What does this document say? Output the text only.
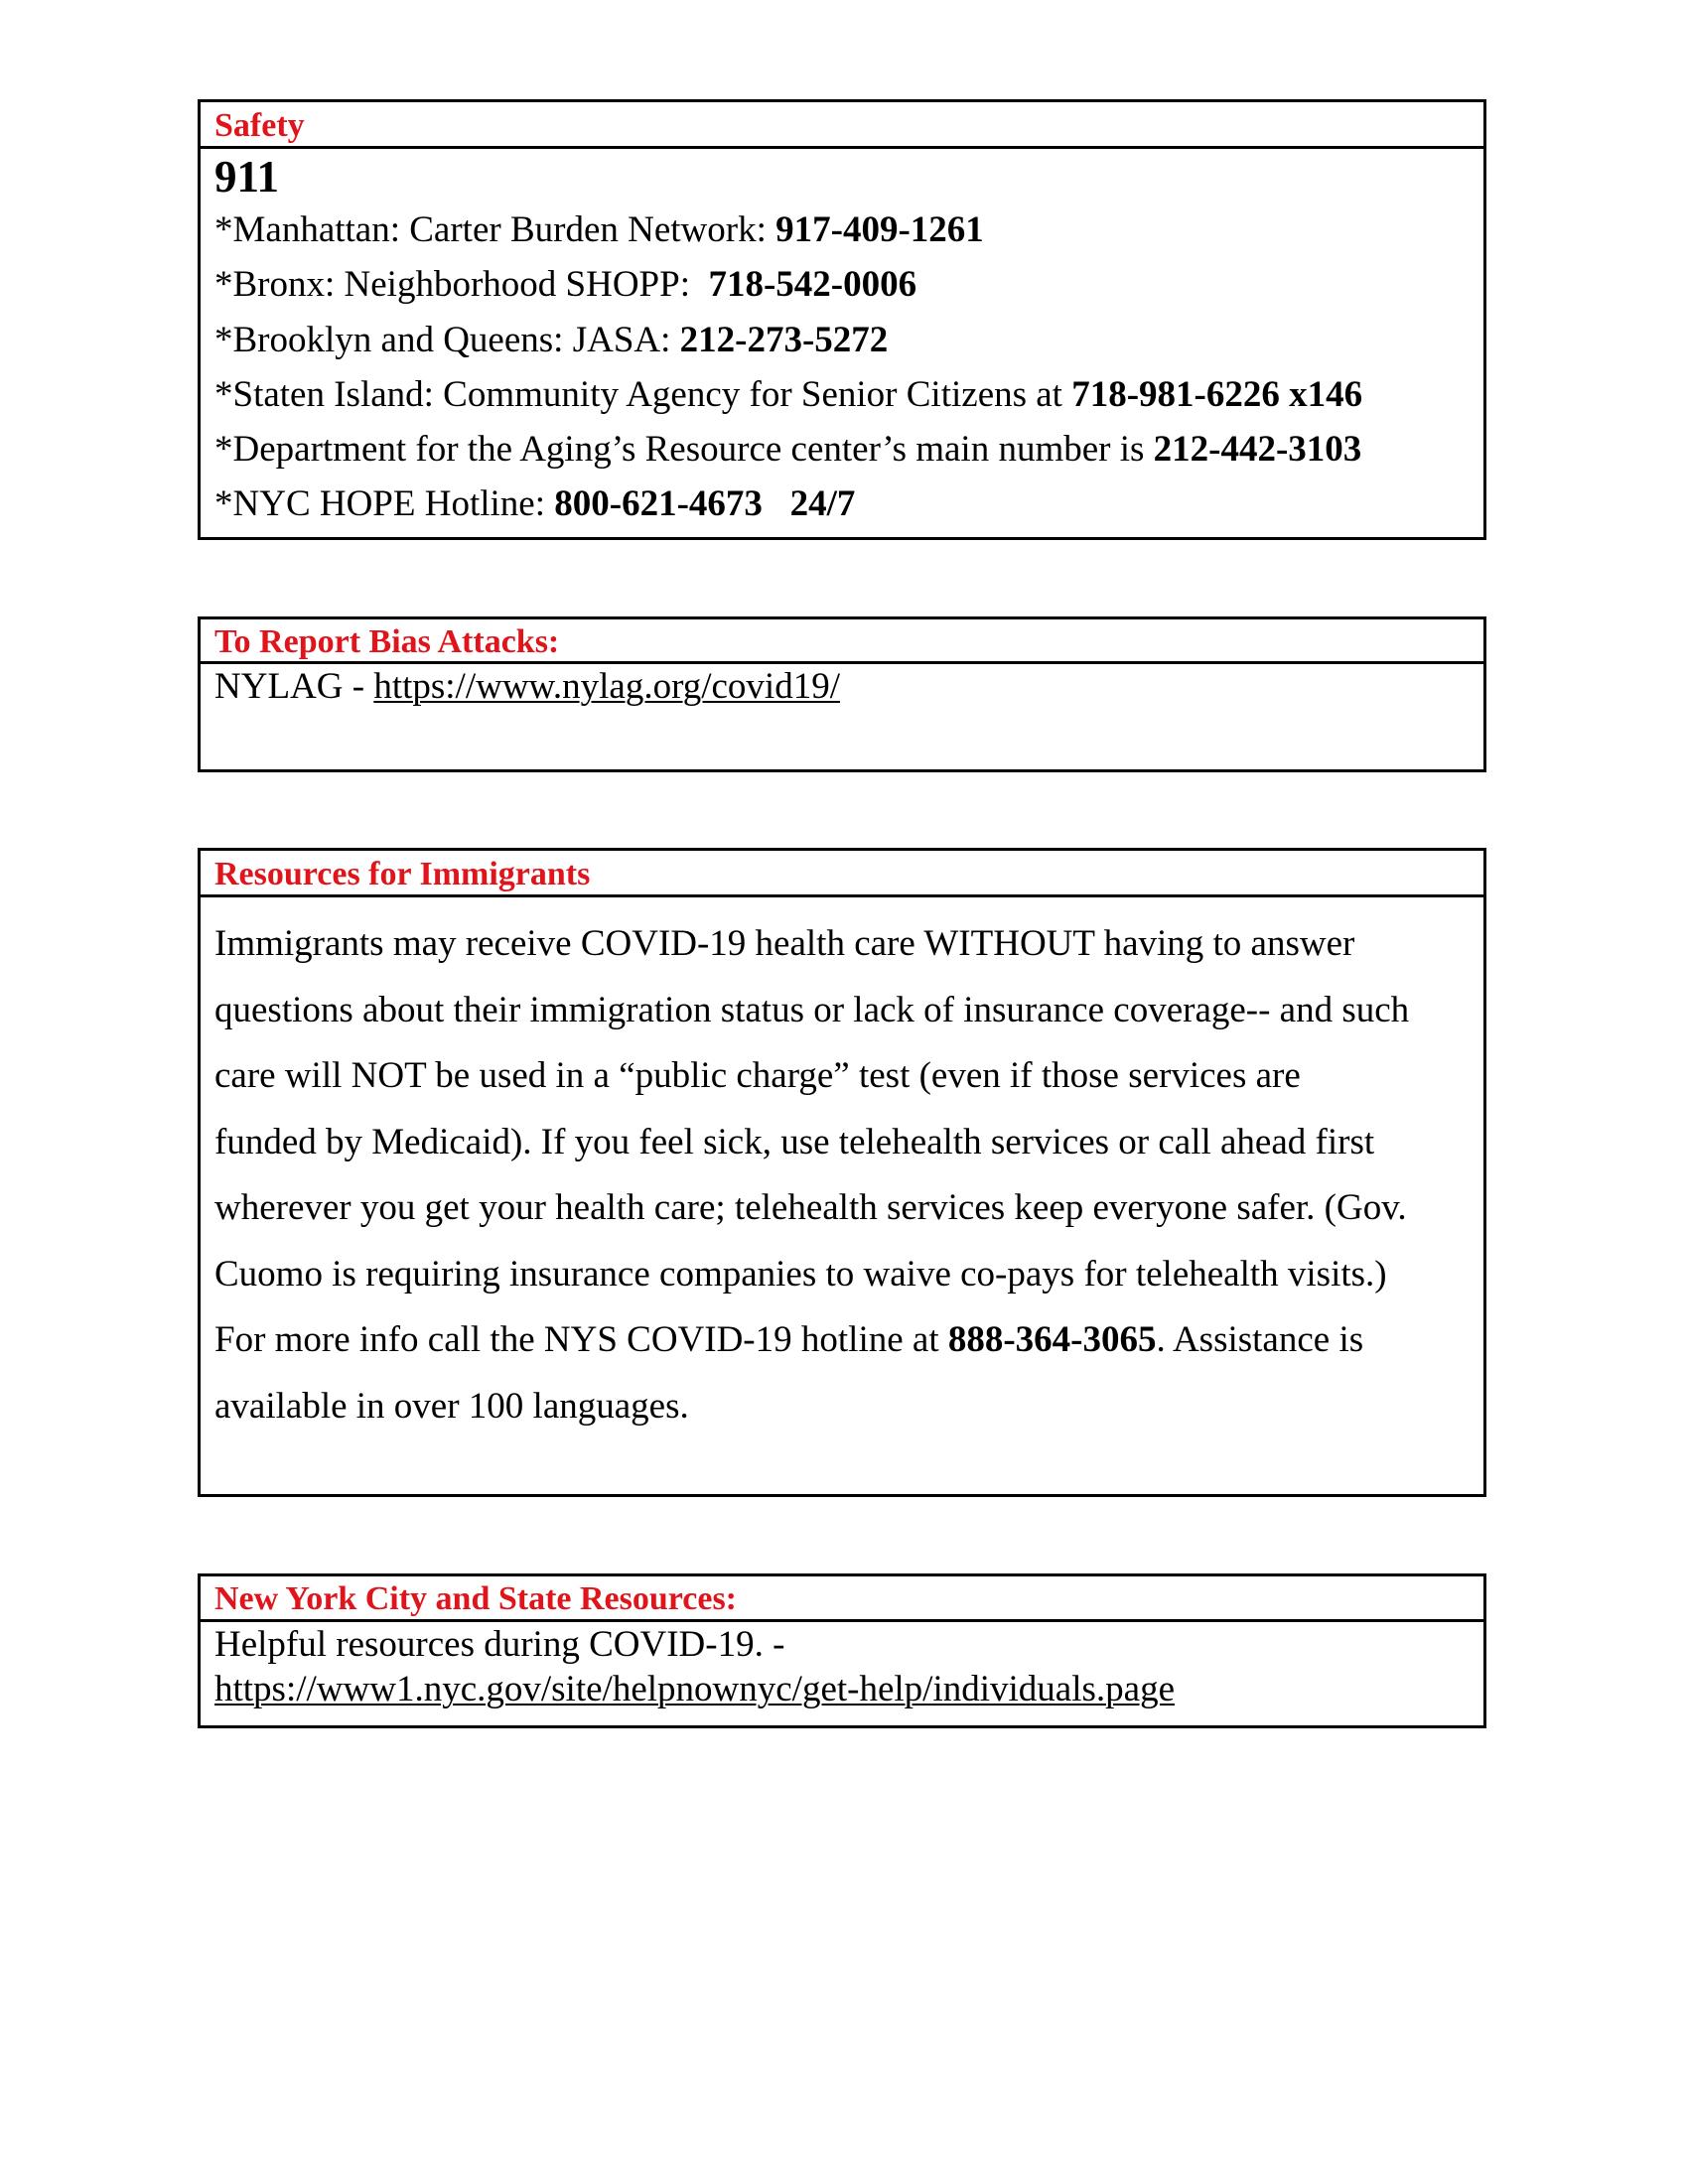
Safety
911
*Manhattan: Carter Burden Network: 917-409-1261
*Bronx: Neighborhood SHOPP:  718-542-0006
*Brooklyn and Queens: JASA: 212-273-5272
*Staten Island: Community Agency for Senior Citizens at 718-981-6226 x146
*Department for the Aging’s Resource center’s main number is 212-442-3103
*NYC HOPE Hotline: 800-621-4673   24/7
To Report Bias Attacks:
NYLAG - https://www.nylag.org/covid19/
Resources for Immigrants
Immigrants may receive COVID-19 health care WITHOUT having to answer
questions about their immigration status or lack of insurance coverage-- and such
care will NOT be used in a “public charge” test (even if those services are
funded by Medicaid). If you feel sick, use telehealth services or call ahead first
wherever you get your health care; telehealth services keep everyone safer. (Gov.
Cuomo is requiring insurance companies to waive co-pays for telehealth visits.)
For more info call the NYS COVID-19 hotline at 888-364-3065. Assistance is
available in over 100 languages.
New York City and State Resources:
Helpful resources during COVID-19. -
https://www1.nyc.gov/site/helpnownyc/get-help/individuals.page
